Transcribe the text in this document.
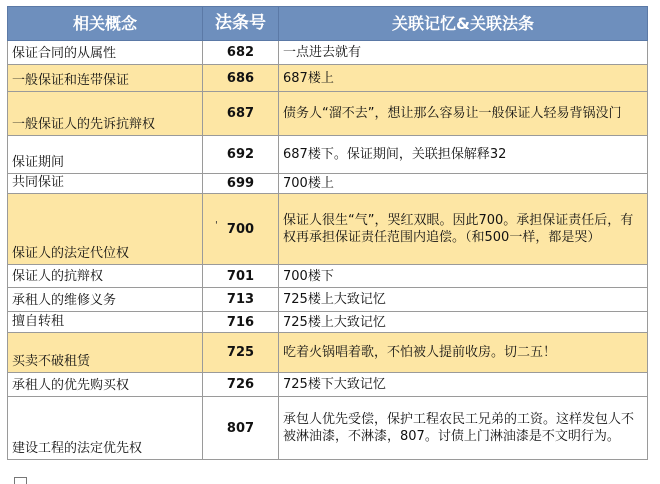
相关概念	法条号	关联记忆&关联法条
保证合同的从属性	682	一点进去就有
一般保证和连带保证	686	687楼上
一般保证人的先诉抗辩权	687	债务人“溜不去”，想让那么容易让一般保证人轻易背锅没门
保证期间	692	687楼下。保证期间，关联担保解释32
共同保证	699	700楼上
保证人的法定代位权	700	保证人很生“气”，哭红双眼。因此700。承担保证责任后，有权再承担保证责任范围内追偿。（和500一样，都是哭）
保证人的抗辩权	701	700楼下
承租人的维修义务	713	725楼上大致记忆
擅自转租	716	725楼上大致记忆
买卖不破租赁	725	吃着火锅唱着歌，不怕被人提前收房。切二五！
承租人的优先购买权	726	725楼下大致记忆
建设工程的法定优先权	807	承包人优先受偿，保护工程农民工兄弟的工资。这样发包人不被淋油漆，不淋漆，807。讨债上门淋油漆是不文明行为。
'
